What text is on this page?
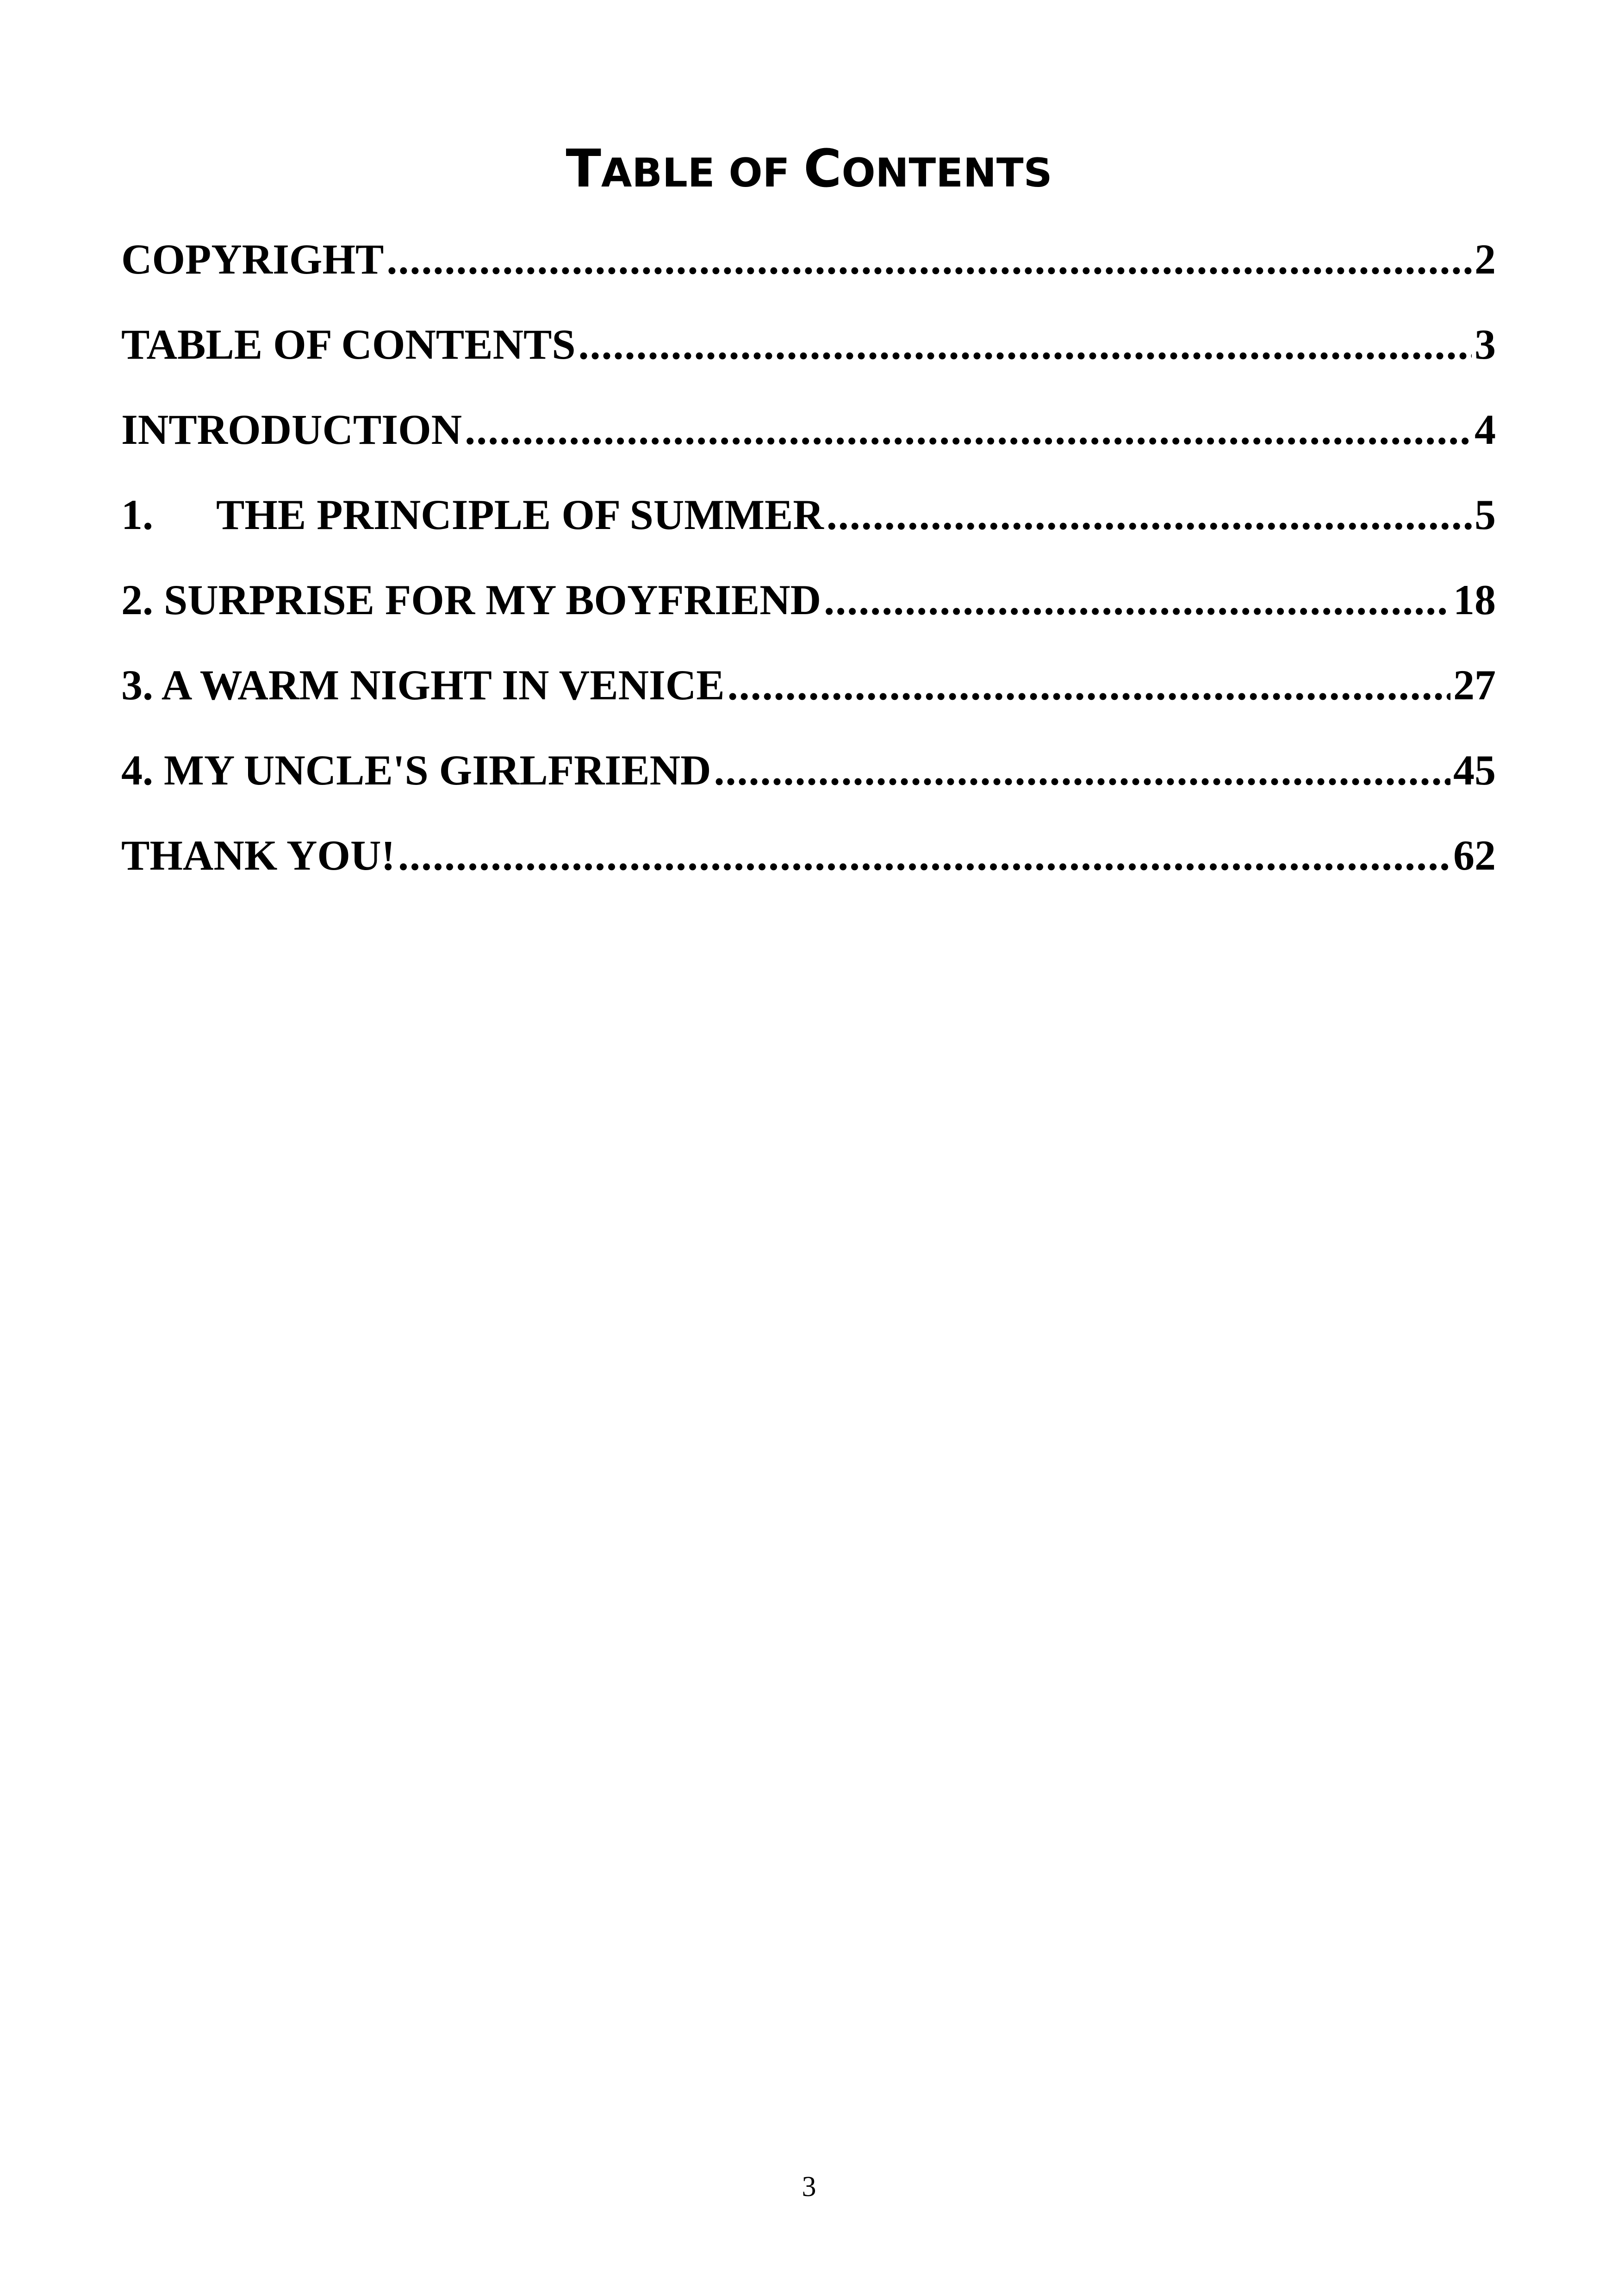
TABLE OF CONTENTS
COPYRIGHT .....	2
TABLE OF CONTENTS .....	3
INTRODUCTION .....	4
1. THE PRINCIPLE OF SUMMER .....	5
2. SURPRISE FOR MY BOYFRIEND .....	18
3. A WARM NIGHT IN VENICE .....	27
4. MY UNCLE'S GIRLFRIEND .....	45
THANK YOU! .....	62
3
